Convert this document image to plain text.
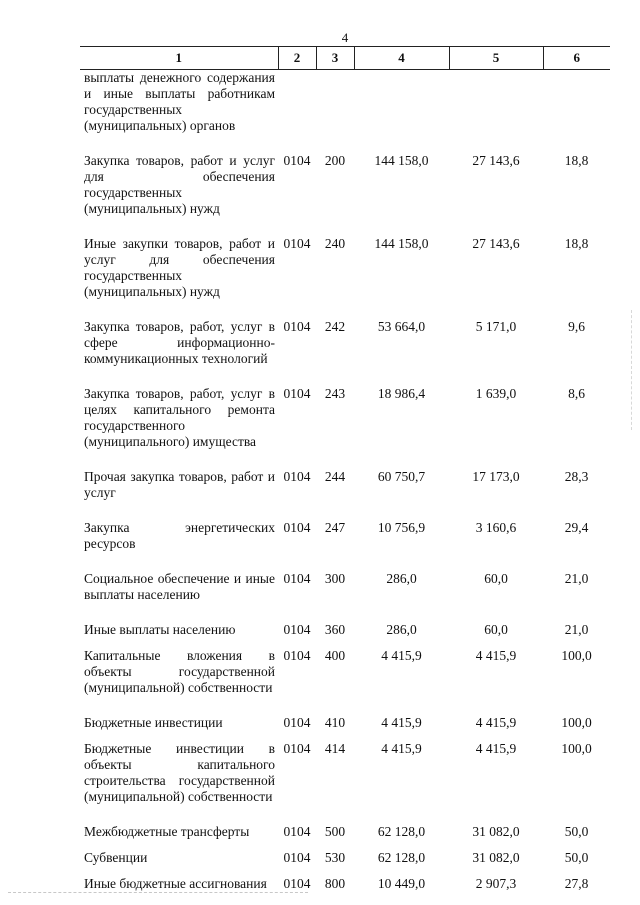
4
1	2	3	4	5	6
выплаты денежного содержания и иные выплаты работникам государственных (муниципальных) органов					
Закупка товаров, работ и услуг для обеспечения государственных (муниципальных) нужд	0104	200	144 158,0	27 143,6	18,8
Иные закупки товаров, работ и услуг для обеспечения государственных (муниципальных) нужд	0104	240	144 158,0	27 143,6	18,8
Закупка товаров, работ, услуг в сфере информационно-коммуникационных технологий	0104	242	53 664,0	5 171,0	9,6
Закупка товаров, работ, услуг в целях капитального ремонта государственного (муниципального) имущества	0104	243	18 986,4	1 639,0	8,6
Прочая закупка товаров, работ и услуг	0104	244	60 750,7	17 173,0	28,3
Закупка энергетических ресурсов	0104	247	10 756,9	3 160,6	29,4
Социальное обеспечение и иные выплаты населению	0104	300	286,0	60,0	21,0
Иные выплаты населению	0104	360	286,0	60,0	21,0
Капитальные вложения в объекты государственной (муниципальной) собственности	0104	400	4 415,9	4 415,9	100,0
Бюджетные инвестиции	0104	410	4 415,9	4 415,9	100,0
Бюджетные инвестиции в объекты капитального строительства государственной (муниципальной) собственности	0104	414	4 415,9	4 415,9	100,0
Межбюджетные трансферты	0104	500	62 128,0	31 082,0	50,0
Субвенции	0104	530	62 128,0	31 082,0	50,0
Иные бюджетные ассигнования	0104	800	10 449,0	2 907,3	27,8
